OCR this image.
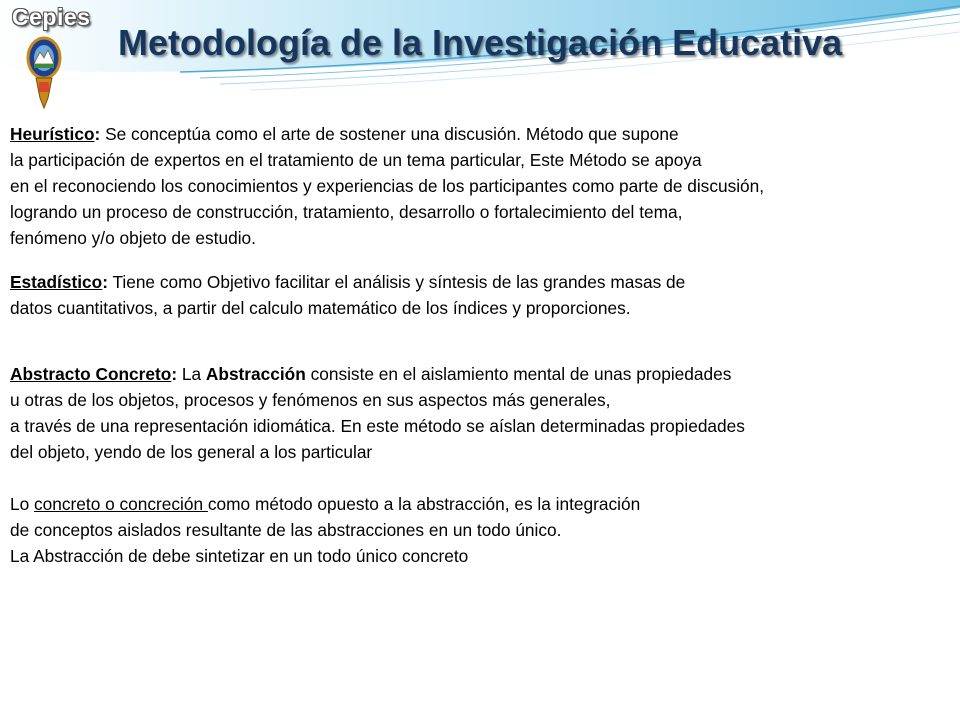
Cepies
Metodología de la Investigación Educativa
Heurístico: Se conceptúa como el arte de sostener una discusión. Método que supone
la participación de expertos en el tratamiento de un tema particular, Este Método se apoya
en el reconociendo los conocimientos y experiencias de los participantes como parte de discusión,
logrando un proceso de construcción, tratamiento, desarrollo o fortalecimiento del tema,
fenómeno y/o objeto de estudio.
Estadístico: Tiene como Objetivo facilitar el análisis y síntesis de las grandes masas de
datos cuantitativos, a partir del calculo matemático de los índices y proporciones.
Abstracto Concreto: La Abstracción consiste en el aislamiento mental de unas propiedades
u otras de los objetos, procesos y fenómenos en sus aspectos más generales,
a través de una representación idiomática. En este método se aíslan determinadas propiedades
del objeto, yendo de los general a los particular
Lo concreto o concreción como método opuesto a la abstracción, es la integración
de conceptos aislados resultante de las abstracciones en un todo único.
La Abstracción de debe sintetizar en un todo único concreto
